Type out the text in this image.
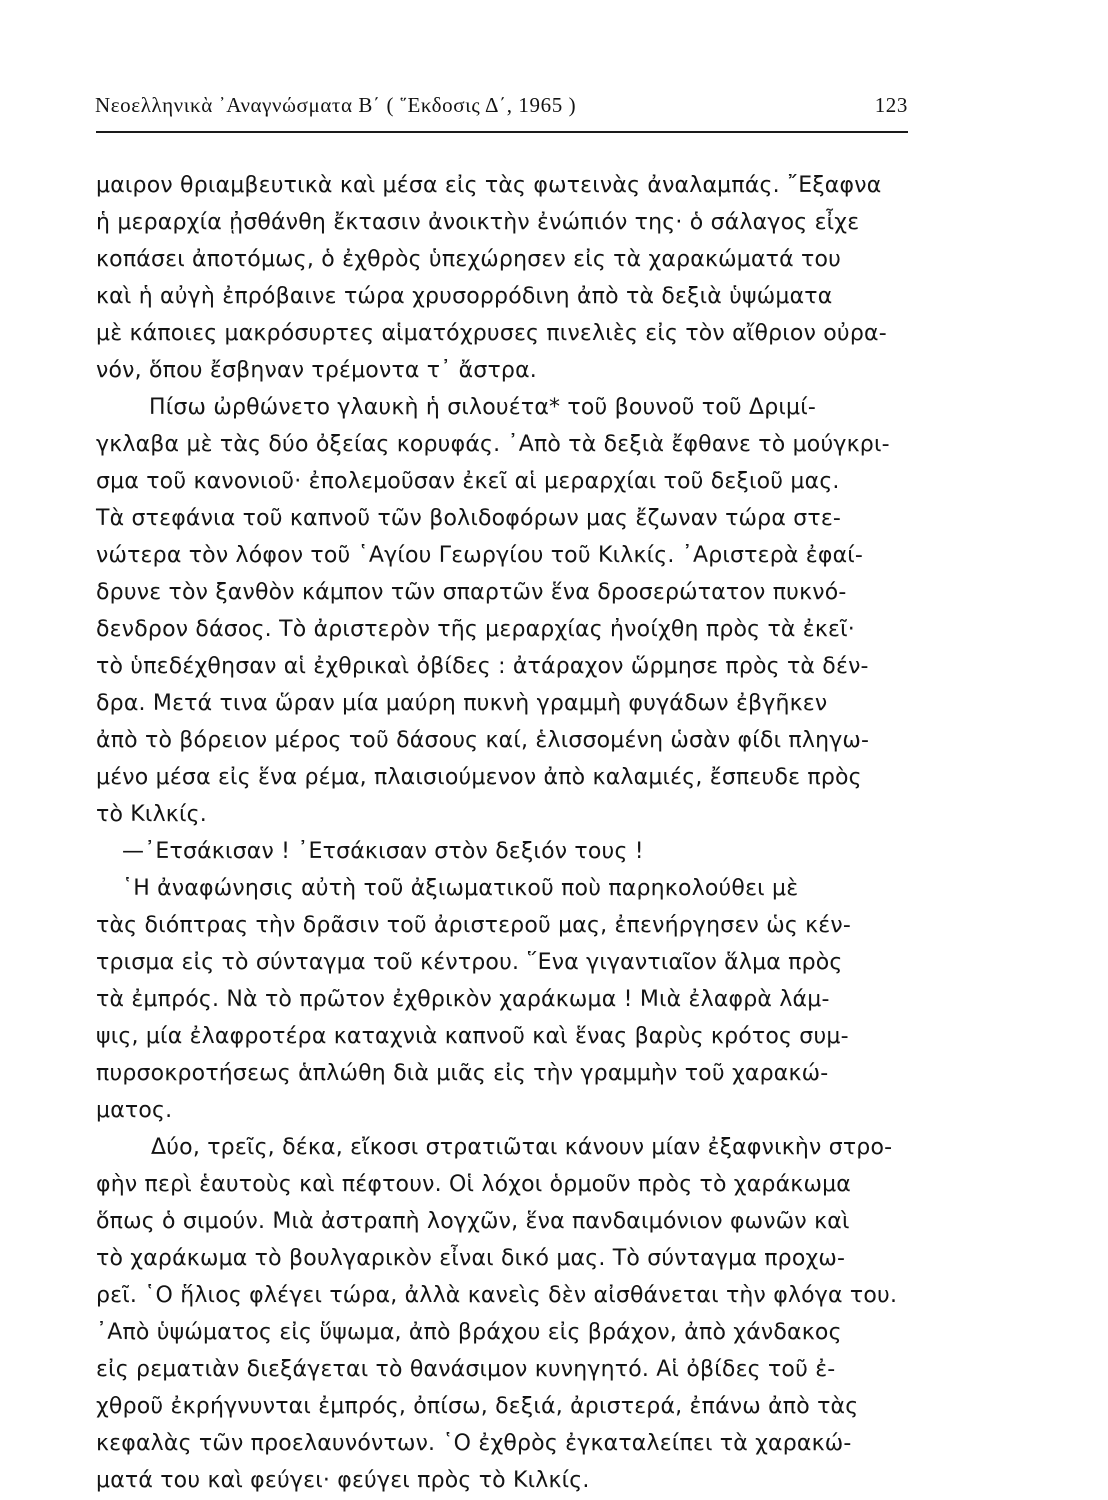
Νεοελληνικὰ ᾿Αναγνώσματα Β΄ ( ῞Εκδοσις Δ΄, 1965 )	123
μαιρον θριαμβευτικὰ καὶ μέσα εἰς τὰς φωτεινὰς ἀναλαμπάς. ῎Εξαφνα
ἡ μεραρχία ᾐσθάνθη ἔκτασιν ἀνοικτὴν ἐνώπιόν της· ὁ σάλαγος εἶχε
κοπάσει ἀποτόμως, ὁ ἐχθρὸς ὑπεχώρησεν εἰς τὰ χαρακώματά του
καὶ ἡ αὐγὴ ἐπρόβαινε τώρα χρυσορρόδινη ἀπὸ τὰ δεξιὰ ὑψώματα
μὲ κάποιες μακρόσυρτες αἱματόχρυσες πινελιὲς εἰς τὸν αἴθριον οὐρα-
νόν, ὅπου ἔσβηναν τρέμοντα τ᾿ ἄστρα.
Πίσω ὠρθώνετο γλαυκὴ ἡ σιλουέτα* τοῦ βουνοῦ τοῦ Δριμί-
γκλαβα μὲ τὰς δύο ὀξείας κορυφάς. ᾿Απὸ τὰ δεξιὰ ἔφθανε τὸ μούγκρι-
σμα τοῦ κανονιοῦ· ἐπολεμοῦσαν ἐκεῖ αἱ μεραρχίαι τοῦ δεξιοῦ μας.
Τὰ στεφάνια τοῦ καπνοῦ τῶν βολιδοφόρων μας ἔζωναν τώρα στε-
νώτερα τὸν λόφον τοῦ ῾Αγίου Γεωργίου τοῦ Κιλκίς. ᾿Αριστερὰ ἐφαί-
δρυνε τὸν ξανθὸν κάμπον τῶν σπαρτῶν ἕνα δροσερώτατον πυκνό-
δενδρον δάσος. Τὸ ἀριστερὸν τῆς μεραρχίας ἠνοίχθη πρὸς τὰ ἐκεῖ·
τὸ ὑπεδέχθησαν αἱ ἐχθρικαὶ ὀβίδες : ἀτάραχον ὥρμησε πρὸς τὰ δέν-
δρα. Μετά τινα ὥραν μία μαύρη πυκνὴ γραμμὴ φυγάδων ἐβγῆκεν
ἀπὸ τὸ βόρειον μέρος τοῦ δάσους καί, ἑλισσομένη ὡσὰν φίδι πληγω-
μένο μέσα εἰς ἕνα ρέμα, πλαισιούμενον ἀπὸ καλαμιές, ἔσπευδε πρὸς
τὸ Κιλκίς.
—᾿Ετσάκισαν ! ᾿Ετσάκισαν στὸν δεξιόν τους !
῾Η ἀναφώνησις αὐτὴ τοῦ ἀξιωματικοῦ ποὺ παρηκολούθει μὲ
τὰς διόπτρας τὴν δρᾶσιν τοῦ ἀριστεροῦ μας, ἐπενήργησεν ὡς κέν-
τρισμα εἰς τὸ σύνταγμα τοῦ κέντρου. ῞Ενα γιγαντιαῖον ἅλμα πρὸς
τὰ ἐμπρός. Νὰ τὸ πρῶτον ἐχθρικὸν χαράκωμα ! Μιὰ ἐλαφρὰ λάμ-
ψις, μία ἐλαφροτέρα καταχνιὰ καπνοῦ καὶ ἕνας βαρὺς κρότος συμ-
πυρσοκροτήσεως ἁπλώθη διὰ μιᾶς εἰς τὴν γραμμὴν τοῦ χαρακώ-
ματος.
Δύο, τρεῖς, δέκα, εἴκοσι στρατιῶται κάνουν μίαν ἐξαφνικὴν στρο-
φὴν περὶ ἑαυτοὺς καὶ πέφτουν. Οἱ λόχοι ὁρμοῦν πρὸς τὸ χαράκωμα
ὅπως ὁ σιμούν. Μιὰ ἀστραπὴ λογχῶν, ἕνα πανδαιμόνιον φωνῶν καὶ
τὸ χαράκωμα τὸ βουλγαρικὸν εἶναι δικό μας. Τὸ σύνταγμα προχω-
ρεῖ. ῾Ο ἥλιος φλέγει τώρα, ἀλλὰ κανεὶς δὲν αἰσθάνεται τὴν φλόγα του.
᾿Απὸ ὑψώματος εἰς ὕψωμα, ἀπὸ βράχου εἰς βράχον, ἀπὸ χάνδακος
εἰς ρεματιὰν διεξάγεται τὸ θανάσιμον κυνηγητό. Αἱ ὀβίδες τοῦ ἐ-
χθροῦ ἐκρήγνυνται ἐμπρός, ὀπίσω, δεξιά, ἀριστερά, ἐπάνω ἀπὸ τὰς
κεφαλὰς τῶν προελαυνόντων. ῾Ο ἐχθρὸς ἐγκαταλείπει τὰ χαρακώ-
ματά του καὶ φεύγει· φεύγει πρὸς τὸ Κιλκίς.
